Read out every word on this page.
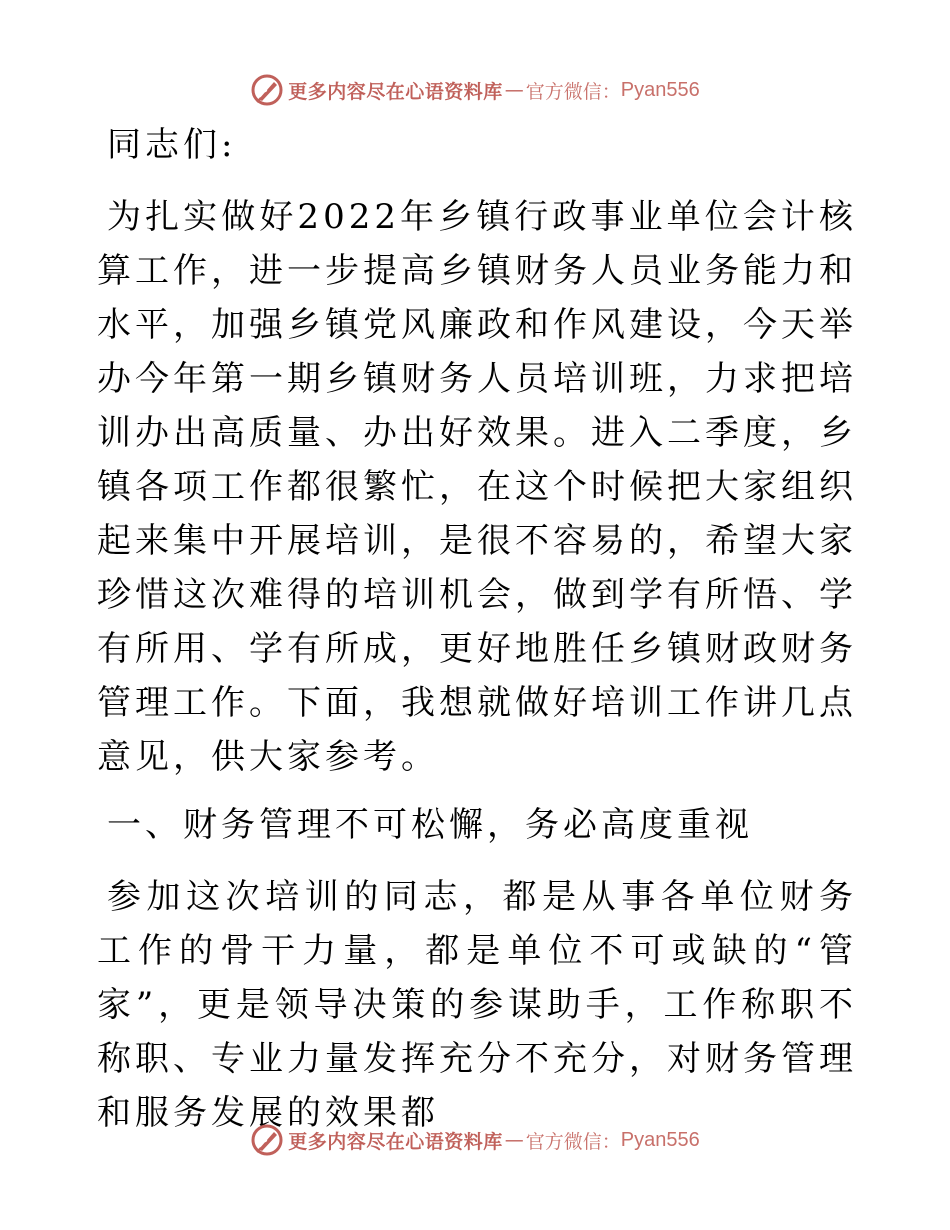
更多内容尽在心语资料库 — 官方微信： Pyan556

同志们:

为扎实做好2022年乡镇行政事业单位会计核算工作，进一步提高乡镇财务人员业务能力和水平，加强乡镇党风廉政和作风建设，今天举办今年第一期乡镇财务人员培训班，力求把培训办出高质量、办出好效果。进入二季度，乡镇各项工作都很繁忙，在这个时候把大家组织起来集中开展培训，是很不容易的，希望大家珍惜这次难得的培训机会，做到学有所悟、学有所用、学有所成，更好地胜任乡镇财政财务管理工作。下面，我想就做好培训工作讲几点意见，供大家参考。

一、财务管理不可松懈，务必高度重视

参加这次培训的同志，都是从事各单位财务工作的骨干力量，都是单位不可或缺的“管家”，更是领导决策的参谋助手，工作称职不称职、专业力量发挥充分不充分，对财务管理和服务发展的效果都

更多内容尽在心语资料库 — 官方微信： Pyan556
